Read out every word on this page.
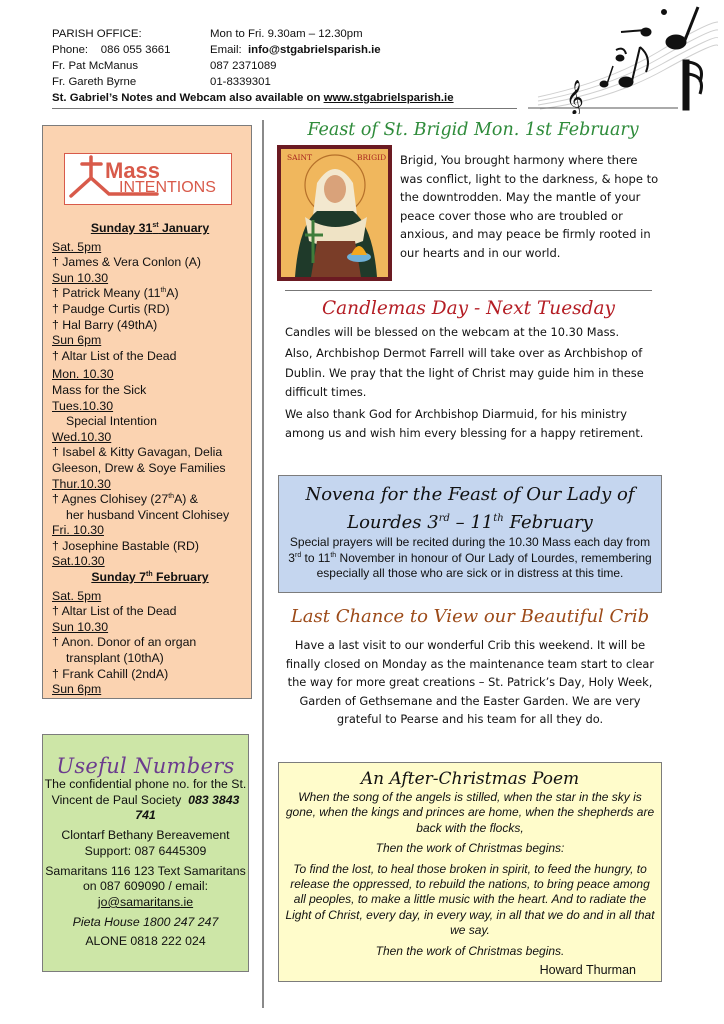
PARISH OFFICE:	Mon to Fri. 9.30am – 12.30pm
Phone: 086 055 3661	Email: info@stgabrielsparish.ie
Fr. Pat McManus	087 2371089
Fr. Gareth Byrne	01-8339301
St. Gabriel’s Notes and Webcam also available on www.stgabrielsparish.ie	𝄞
Mass
INTENTIONS
Sunday 31st January
Sat. 5pm
† James & Vera Conlon (A)
Sun 10.30
† Patrick Meany (11thA)
† Paudge Curtis (RD)
† Hal Barry (49thA)
Sun 6pm
† Altar List of the Dead
Mon. 10.30
Mass for the Sick
Tues.10.30
Special Intention
Wed.10.30
† Isabel & Kitty Gavagan, Delia Gleeson, Drew & Soye Families
Thur.10.30
† Agnes Clohisey (27thA) &
her husband Vincent Clohisey
Fri. 10.30
† Josephine Bastable (RD)
Sat.10.30
Sunday 7th February
Sat. 5pm
† Altar List of the Dead
Sun 10.30
† Anon. Donor of an organ
transplant (10thA)
† Frank Cahill (2ndA)
Sun 6pm
Useful Numbers

The confidential phone no. for the St. Vincent de Paul Society 083 3843 741

Clontarf Bethany Bereavement Support: 087 6445309

Samaritans 116 123 Text Samaritans on 087 609090 / email: jo@samaritans.ie

Pieta House 1800 247 247

ALONE 0818 222 024

Feast of St. Brigid Mon. 1st February
SAINT	BRIGID Brigid, You brought harmony where there was conflict, light to the darkness, & hope to the downtrodden. May the mantle of your peace cover those who are troubled or anxious, and may peace be firmly rooted in our hearts and in our world.
Candlemas Day - Next Tuesday

Candles will be blessed on the webcam at the 10.30 Mass.

Also, Archbishop Dermot Farrell will take over as Archbishop of Dublin. We pray that the light of Christ may guide him in these difficult times.

We also thank God for Archbishop Diarmuid, for his ministry among us and wish him every blessing for a happy retirement.

Novena for the Feast of Our Lady of
Lourdes 3rd – 11th February
Special prayers will be recited during the 10.30 Mass each day from 3rd to 11th November in honour of Our Lady of Lourdes, remembering especially all those who are sick or in distress at this time.
Last Chance to View our Beautiful Crib
Have a last visit to our wonderful Crib this weekend. It will be finally closed on Monday as the maintenance team start to clear the way for more great creations – St. Patrick’s Day, Holy Week, Garden of Gethsemane and the Easter Garden. We are very grateful to Pearse and his team for all they do.
An After-Christmas Poem

When the song of the angels is stilled, when the star in the sky is gone, when the kings and princes are home, when the shepherds are back with the flocks,

Then the work of Christmas begins:

To find the lost, to heal those broken in spirit, to feed the hungry, to release the oppressed, to rebuild the nations, to bring peace among all peoples, to make a little music with the heart. And to radiate the Light of Christ, every day, in every way, in all that we do and in all that we say.

Then the work of Christmas begins.

Howard Thurman
